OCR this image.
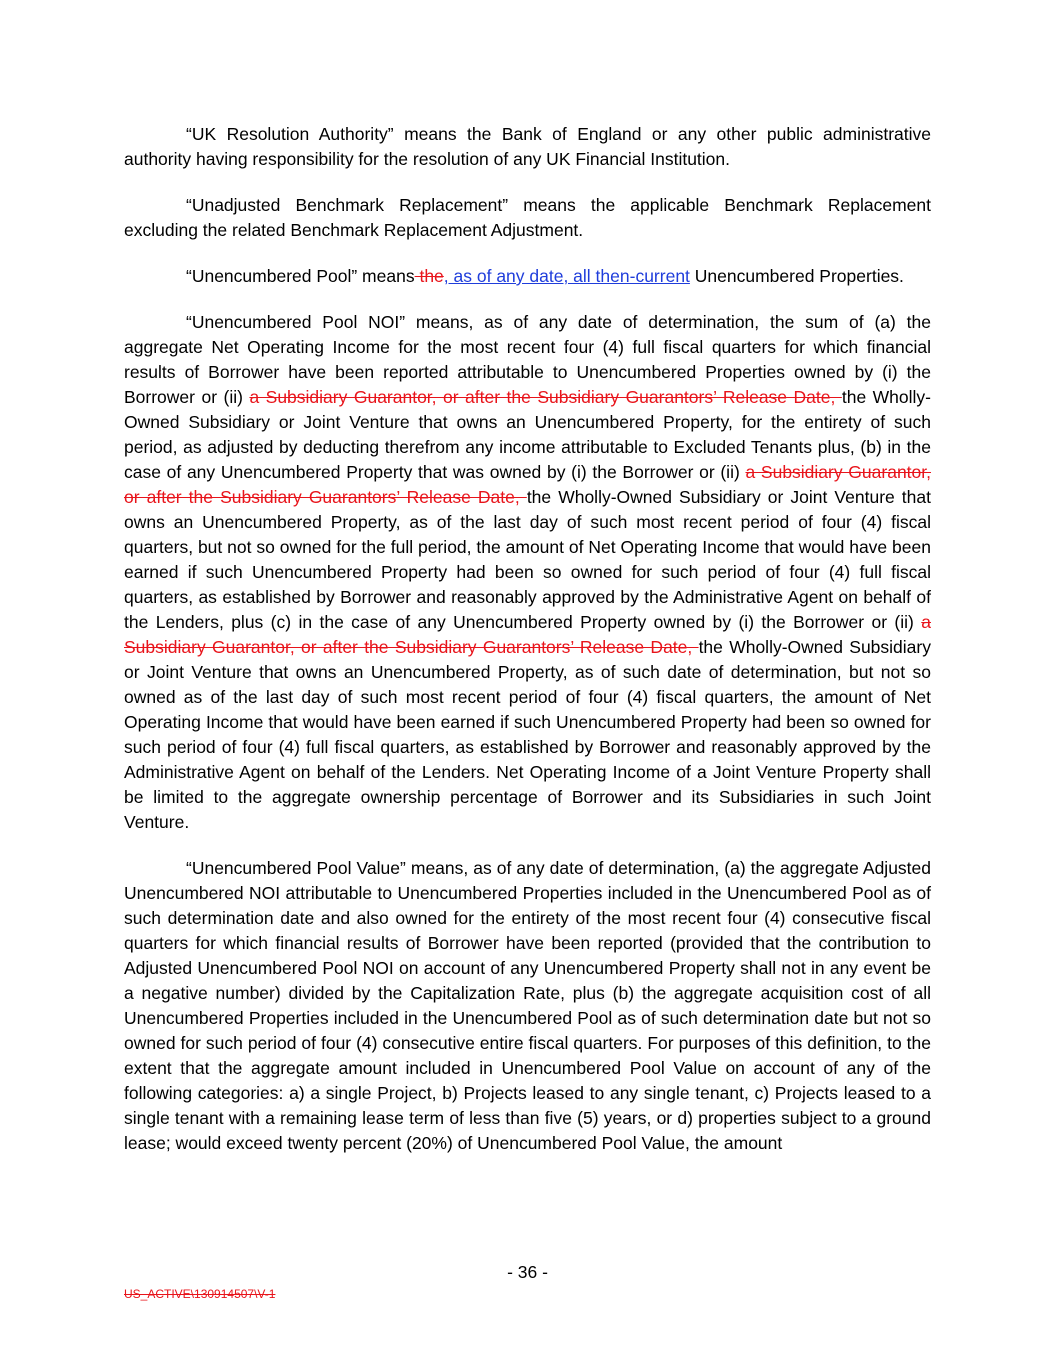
“UK Resolution Authority” means the Bank of England or any other public administrative authority having responsibility for the resolution of any UK Financial Institution.

“Unadjusted Benchmark Replacement” means the applicable Benchmark Replacement excluding the related Benchmark Replacement Adjustment.

“Unencumbered Pool” means the, as of any date, all then-current Unencumbered Properties.

“Unencumbered Pool NOI” means, as of any date of determination, the sum of (a) the aggregate Net Operating Income for the most recent four (4) full fiscal quarters for which financial results of Borrower have been reported attributable to Unencumbered Properties owned by (i) the Borrower or (ii) a Subsidiary Guarantor, or after the Subsidiary Guarantors’ Release Date, the Wholly-Owned Subsidiary or Joint Venture that owns an Unencumbered Property, for the entirety of such period, as adjusted by deducting therefrom any income attributable to Excluded Tenants plus, (b) in the case of any Unencumbered Property that was owned by (i) the Borrower or (ii) a Subsidiary Guarantor, or after the Subsidiary Guarantors’ Release Date, the Wholly-Owned Subsidiary or Joint Venture that owns an Unencumbered Property, as of the last day of such most recent period of four (4) fiscal quarters, but not so owned for the full period, the amount of Net Operating Income that would have been earned if such Unencumbered Property had been so owned for such period of four (4) full fiscal quarters, as established by Borrower and reasonably approved by the Administrative Agent on behalf of the Lenders, plus (c) in the case of any Unencumbered Property owned by (i) the Borrower or (ii) a Subsidiary Guarantor, or after the Subsidiary Guarantors’ Release Date, the Wholly-Owned Subsidiary or Joint Venture that owns an Unencumbered Property, as of such date of determination, but not so owned as of the last day of such most recent period of four (4) fiscal quarters, the amount of Net Operating Income that would have been earned if such Unencumbered Property had been so owned for such period of four (4) full fiscal quarters, as established by Borrower and reasonably approved by the Administrative Agent on behalf of the Lenders. Net Operating Income of a Joint Venture Property shall be limited to the aggregate ownership percentage of Borrower and its Subsidiaries in such Joint Venture.

“Unencumbered Pool Value” means, as of any date of determination, (a) the aggregate Adjusted Unencumbered NOI attributable to Unencumbered Properties included in the Unencumbered Pool as of such determination date and also owned for the entirety of the most recent four (4) consecutive fiscal quarters for which financial results of Borrower have been reported (provided that the contribution to Adjusted Unencumbered Pool NOI on account of any Unencumbered Property shall not in any event be a negative number) divided by the Capitalization Rate, plus (b) the aggregate acquisition cost of all Unencumbered Properties included in the Unencumbered Pool as of such determination date but not so owned for such period of four (4) consecutive entire fiscal quarters. For purposes of this definition, to the extent that the aggregate amount included in Unencumbered Pool Value on account of any of the following categories: a) a single Project, b) Projects leased to any single tenant, c) Projects leased to a single tenant with a remaining lease term of less than five (5) years, or d) properties subject to a ground lease; would exceed twenty percent (20%) of Unencumbered Pool Value, the amount

- 36 -
US_ACTIVE\130914507\V-1
